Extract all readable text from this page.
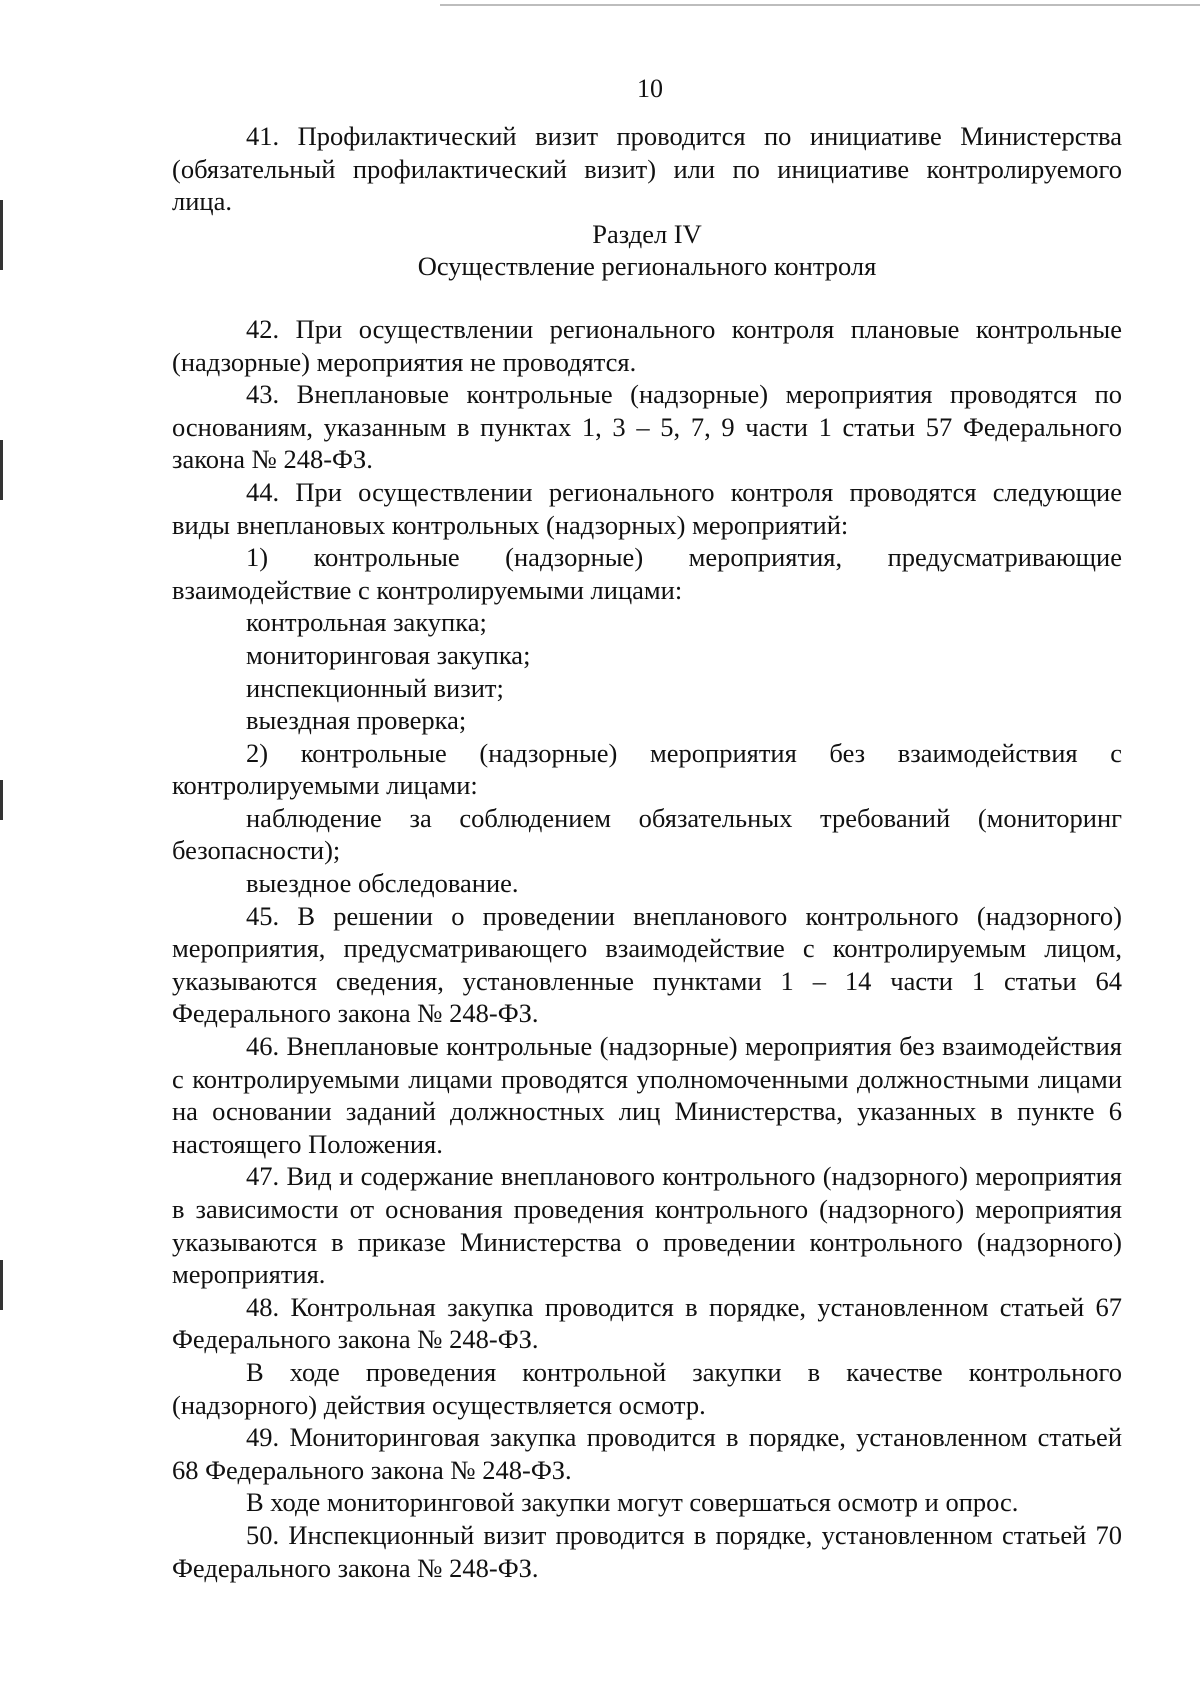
10

41. Профилактический визит проводится по инициативе Министерства (обязательный профилактический визит) или по инициативе контролируемого лица.

Раздел IV
Осуществление регионального контроля

42. При осуществлении регионального контроля плановые контрольные (надзорные) мероприятия не проводятся.

43. Внеплановые контрольные (надзорные) мероприятия проводятся по основаниям, указанным в пунктах 1, 3 – 5, 7, 9 части 1 статьи 57 Федерального закона № 248-ФЗ.

44. При осуществлении регионального контроля проводятся следующие виды внеплановых контрольных (надзорных) мероприятий:

1) контрольные (надзорные) мероприятия, предусматривающие взаимодействие с контролируемыми лицами:

контрольная закупка;

мониторинговая закупка;

инспекционный визит;

выездная проверка;

2) контрольные (надзорные) мероприятия без взаимодействия с контролируемыми лицами:

наблюдение за соблюдением обязательных требований (мониторинг безопасности);

выездное обследование.

45. В решении о проведении внепланового контрольного (надзорного) мероприятия, предусматривающего взаимодействие с контролируемым лицом, указываются сведения, установленные пунктами 1 – 14 части 1 статьи 64 Федерального закона № 248-ФЗ.

46. Внеплановые контрольные (надзорные) мероприятия без взаимодействия с контролируемыми лицами проводятся уполномоченными должностными лицами на основании заданий должностных лиц Министерства, указанных в пункте 6 настоящего Положения.

47. Вид и содержание внепланового контрольного (надзорного) мероприятия в зависимости от основания проведения контрольного (надзорного) мероприятия указываются в приказе Министерства о проведении контрольного (надзорного) мероприятия.

48. Контрольная закупка проводится в порядке, установленном статьей 67 Федерального закона № 248-ФЗ.

В ходе проведения контрольной закупки в качестве контрольного (надзорного) действия осуществляется осмотр.

49. Мониторинговая закупка проводится в порядке, установленном статьей 68 Федерального закона № 248-ФЗ.

В ходе мониторинговой закупки могут совершаться осмотр и опрос.

50. Инспекционный визит проводится в порядке, установленном статьей 70 Федерального закона № 248-ФЗ.
